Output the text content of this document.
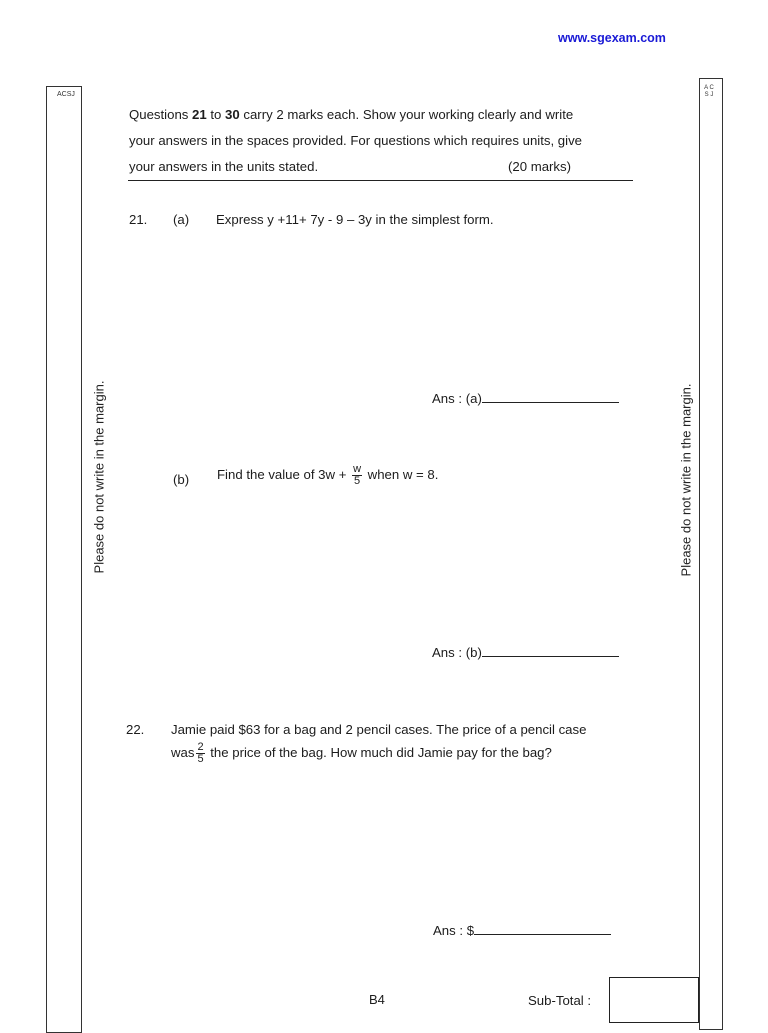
www.sgexam.com
ACSJ
Please do not write in the margin.
A C S J
Please do not write in the margin.
Questions 21 to 30 carry 2 marks each. Show your working clearly and write
your answers in the spaces provided. For questions which requires units, give
your answers in the units stated.	(20 marks)
21. (a) Express y +11+ 7y - 9 – 3y in the simplest form.
Ans : (a)
(b) Find the value of $3w + \frac{w}{5}$ when w = 8.
Ans : (b)
22. Jamie paid $63 for a bag and 2 pencil cases. The price of a pencil case
was $\frac{2}{5}$ the price of the bag. How much did Jamie pay for the bag?
Ans : $
B4	Sub-Total :
